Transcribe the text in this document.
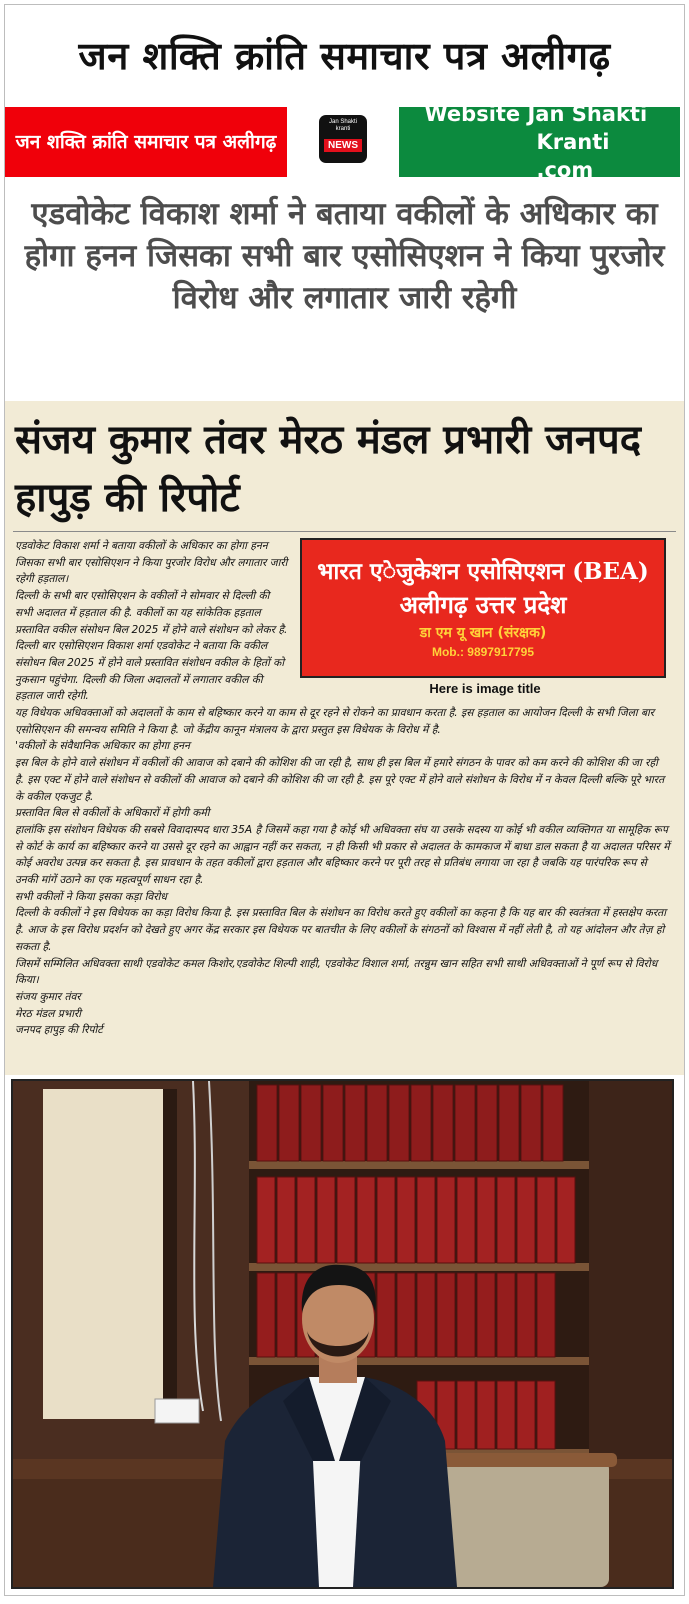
जन शक्ति क्रांति समाचार पत्र अलीगढ़
जन शक्ति क्रांति समाचार पत्र अलीगढ़
Jan Shakti
kranti
NEWS
Website Jan Shakti
Kranti .com
एडवोकेट विकाश शर्मा ने बताया वकीलों के अधिकार का होगा हनन जिसका सभी बार एसोसिएशन ने किया पुरजोर विरोध और लगातार जारी रहेगी
संजय कुमार तंवर मेरठ मंडल प्रभारी जनपद हापुड़ की रिपोर्ट
भारत एेजुकेशन एसोसिएशन (BEA)
अलीगढ़ उत्तर प्रदेश
डा एम यू खान (संरक्षक)
Mob.: 9897917795
Here is image title

एडवोकेट विकाश शर्मा ने बताया वकीलों के अधिकार का होगा हनन जिसका सभी बार एसोसिएशन ने किया पुरजोर विरोध और लगातार जारी रहेगी हड़ताल।

दिल्ली के सभी बार एसोसिएशन के वकीलों ने सोमवार से दिल्ली की सभी अदालत में हड़ताल की है. वकीलों का यह सांकेतिक हड़ताल प्रस्तावित वकील संसोधन बिल 2025 में होने वाले संशोधन को लेकर है. दिल्ली बार एसोसिएशन विकाश शर्मा एडवोकेट ने बताया कि वकील संसोधन बिल 2025 में होने वाले प्रस्तावित संशोधन वकील के हितों को नुकसान पहुंचेगा. दिल्ली की जिला अदालतों में लगातार वकील की हड़ताल जारी रहेगी.

यह विधेयक अधिवक्ताओं को अदालतों के काम से बहिष्कार करने या काम से दूर रहने से रोकने का प्रावधान करता है. इस हड़ताल का आयोजन दिल्ली के सभी जिला बार एसोसिएशन की समन्वय समिति ने किया है. जो केंद्रीय कानून मंत्रालय के द्वारा प्रस्तुत इस विधेयक के विरोध में है.

'वकीलों के संवैधानिक अधिकार का होगा हनन

इस बिल के होने वाले संशोधन में वकीलों की आवाज को दबाने की कोशिश की जा रही है, साथ ही इस बिल में हमारे संगठन के पावर को कम करने की कोशिश की जा रही है. इस एक्ट में होने वाले संशोधन से वकीलों की आवाज को दबाने की कोशिश की जा रही है. इस पूरे एक्ट में होने वाले संशोधन के विरोध में न केवल दिल्ली बल्कि पूरे भारत के वकील एकजुट है.

प्रस्तावित बिल से वकीलों के अधिकारों में होगी कमी

हालांकि इस संशोधन विधेयक की सबसे विवादास्पद धारा 35A है जिसमें कहा गया है कोई भी अधिवक्ता संघ या उसके सदस्य या कोई भी वकील व्यक्तिगत या सामूहिक रूप से कोर्ट के कार्य का बहिष्कार करने या उससे दूर रहने का आह्वान नहीं कर सकता, न ही किसी भी प्रकार से अदालत के कामकाज में बाधा डाल सकता है या अदालत परिसर में कोई अवरोध उत्पन्न कर सकता है. इस प्रावधान के तहत वकीलों द्वारा हड़ताल और बहिष्कार करने पर पूरी तरह से प्रतिबंध लगाया जा रहा है जबकि यह पारंपरिक रूप से उनकी मांगें उठाने का एक महत्वपूर्ण साधन रहा है.

सभी वकीलों ने किया इसका कड़ा विरोध

दिल्ली के वकीलों ने इस विधेयक का कड़ा विरोध किया है. इस प्रस्तावित बिल के संशोधन का विरोध करते हुए वकीलों का कहना है कि यह बार की स्वतंत्रता में हस्तक्षेप करता है. आज के इस विरोध प्रदर्शन को देखते हुए अगर केंद्र सरकार इस विधेयक पर बातचीत के लिए वकीलों के संगठनों को विश्वास में नहीं लेती है, तो यह आंदोलन और तेज़ हो सकता है.

जिसमें सम्मिलित अधिवक्ता साथी एडवोकेट कमल किशोर,एडवोकेट शिल्पी शाही, एडवोकेट विशाल शर्मा, तरन्नुम खान सहित सभी साथी अधिवक्ताओं ने पूर्ण रूप से विरोध किया।

संजय कुमार तंवर

मेरठ मंडल प्रभारी

जनपद हापुड़ की रिपोर्ट
